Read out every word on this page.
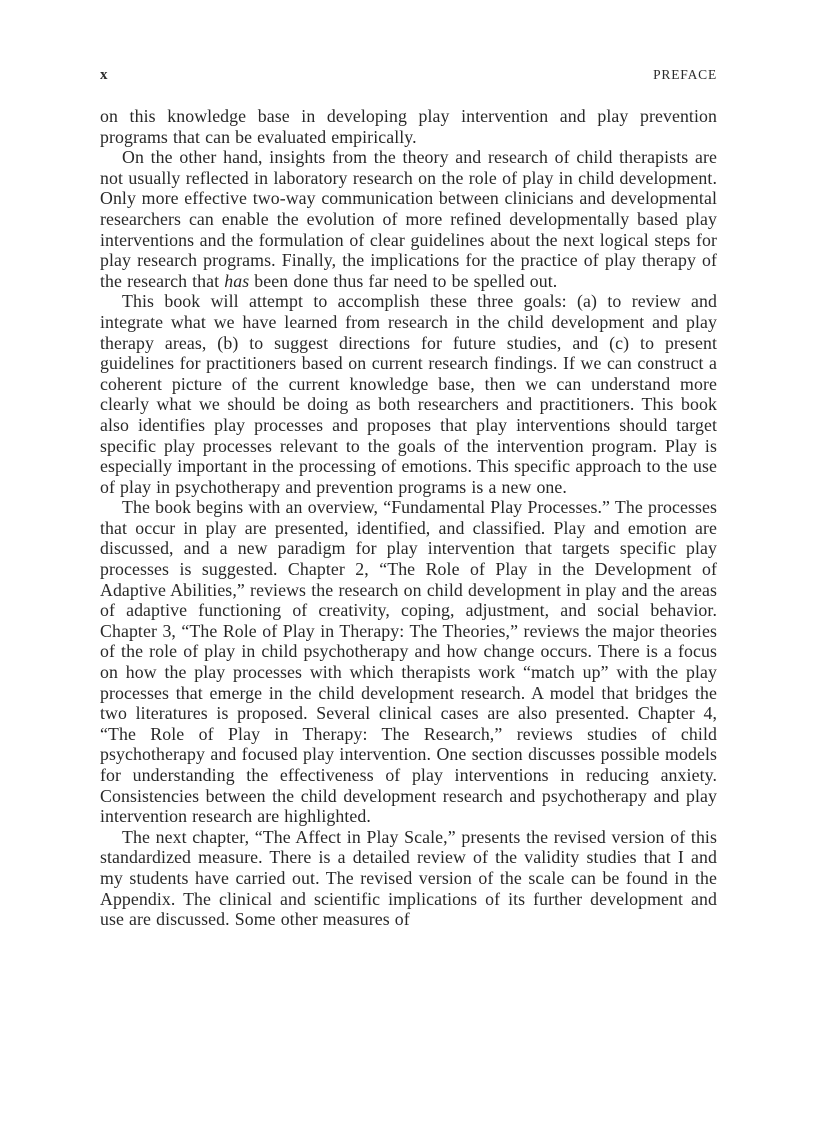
x	PREFACE

on this knowledge base in developing play intervention and play prevention programs that can be evaluated empirically.

On the other hand, insights from the theory and research of child therapists are not usually reflected in laboratory research on the role of play in child development. Only more effective two-way communication between clinicians and developmental researchers can enable the evolution of more refined developmentally based play interventions and the formulation of clear guidelines about the next logical steps for play research programs. Finally, the implications for the practice of play therapy of the research that has been done thus far need to be spelled out.

This book will attempt to accomplish these three goals: (a) to review and integrate what we have learned from research in the child development and play therapy areas, (b) to suggest directions for future studies, and (c) to present guidelines for practitioners based on current research findings. If we can construct a coherent picture of the current knowledge base, then we can understand more clearly what we should be doing as both researchers and practitioners. This book also identifies play processes and proposes that play interventions should target specific play processes relevant to the goals of the intervention program. Play is especially important in the processing of emotions. This specific approach to the use of play in psychotherapy and prevention programs is a new one.

The book begins with an overview, “Fundamental Play Processes.” The processes that occur in play are presented, identified, and classified. Play and emotion are discussed, and a new paradigm for play intervention that targets specific play processes is suggested. Chapter 2, “The Role of Play in the Development of Adaptive Abilities,” reviews the research on child development in play and the areas of adaptive functioning of creativity, coping, adjustment, and social behavior. Chapter 3, “The Role of Play in Therapy: The Theories,” reviews the major theories of the role of play in child psychotherapy and how change occurs. There is a focus on how the play processes with which therapists work “match up” with the play processes that emerge in the child development research. A model that bridges the two literatures is proposed. Several clinical cases are also presented. Chapter 4, “The Role of Play in Therapy: The Research,” reviews studies of child psychotherapy and focused play intervention. One section discusses possible models for understanding the effectiveness of play interventions in reducing anxiety. Consistencies between the child development research and psychotherapy and play intervention research are highlighted.

The next chapter, “The Affect in Play Scale,” presents the revised version of this standardized measure. There is a detailed review of the validity studies that I and my students have carried out. The revised version of the scale can be found in the Appendix. The clinical and scientific implications of its further development and use are discussed. Some other measures of
